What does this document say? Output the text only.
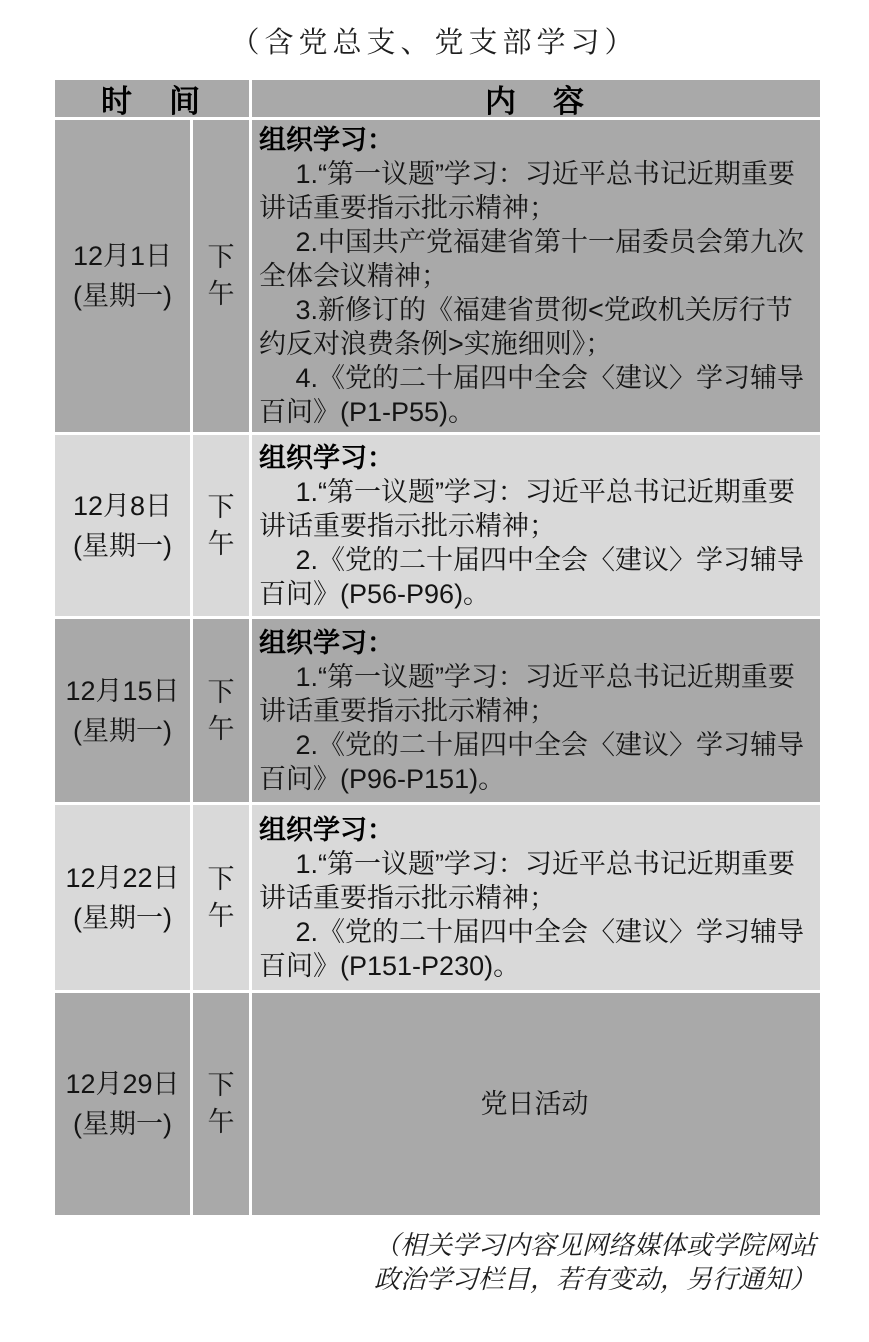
（含党总支、党支部学习）
时　间	内　容
12月1日
(星期一)
下午
组织学习：

1.“第一议题”学习：习近平总书记近期重要讲话重要指示批示精神；

2.中国共产党福建省第十一届委员会第九次全体会议精神；

3.新修订的《福建省贯彻<党政机关厉行节约反对浪费条例>实施细则》；

4.《党的二十届四中全会〈建议〉学习辅导百问》(P1-P55)。

12月8日
(星期一)
下午
组织学习：

1.“第一议题”学习：习近平总书记近期重要讲话重要指示批示精神；

2.《党的二十届四中全会〈建议〉学习辅导百问》(P56-P96)。

12月15日
(星期一)
下午
组织学习：

1.“第一议题”学习：习近平总书记近期重要讲话重要指示批示精神；

2.《党的二十届四中全会〈建议〉学习辅导百问》(P96-P151)。

12月22日
(星期一)
下午
组织学习：

1.“第一议题”学习：习近平总书记近期重要讲话重要指示批示精神；

2.《党的二十届四中全会〈建议〉学习辅导百问》(P151-P230)。

12月29日
(星期一)
下午

党日活动

（相关学习内容见网络媒体或学院网站
政治学习栏目，若有变动，另行通知）
